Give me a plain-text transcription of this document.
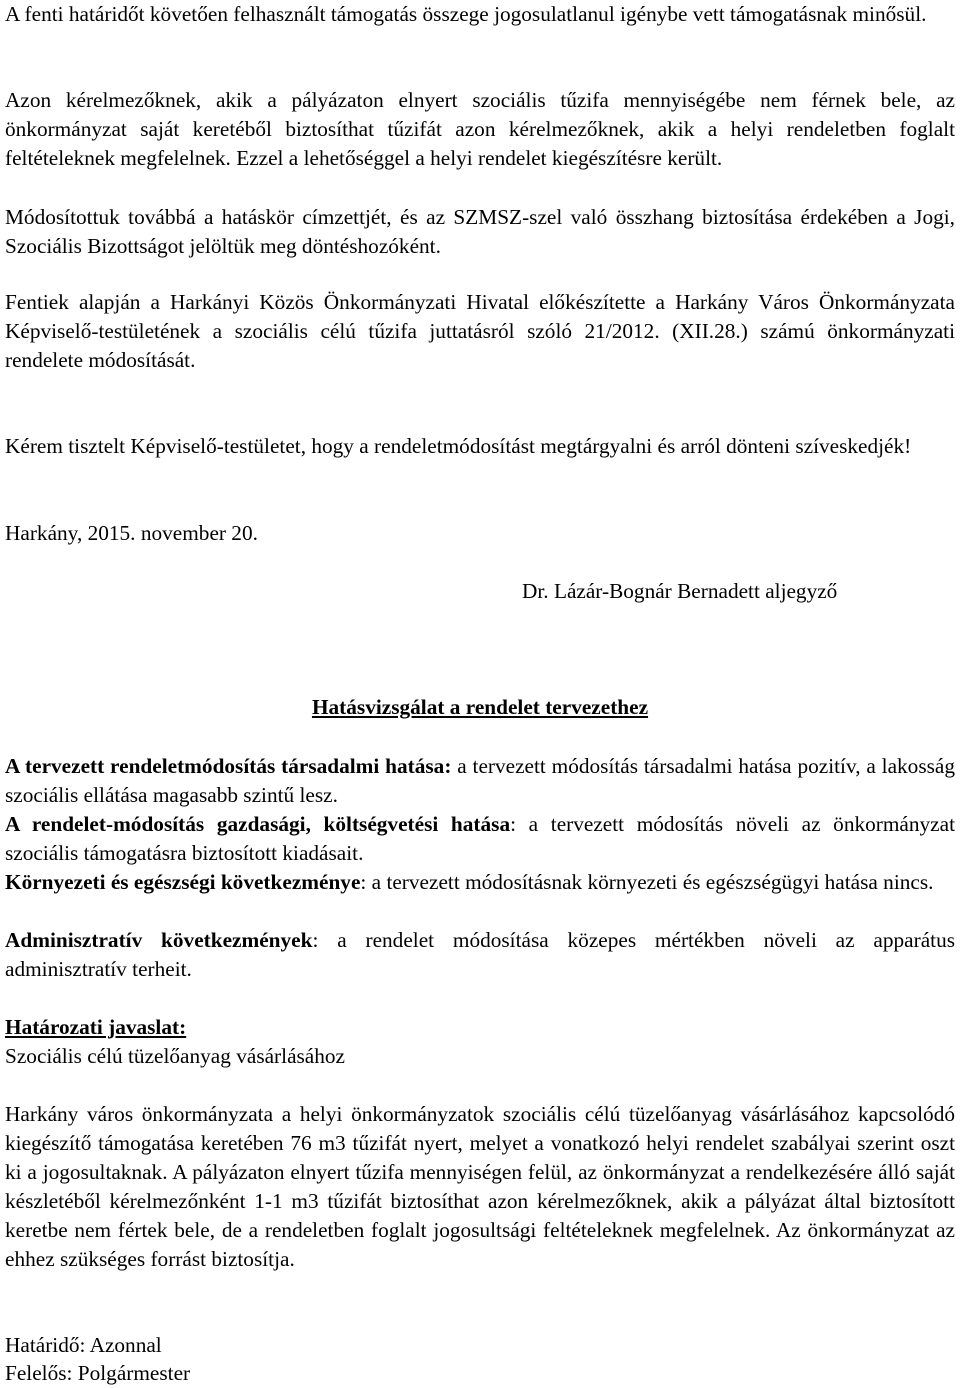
A fenti határidőt követően felhasznált támogatás összege jogosulatlanul igénybe vett támogatásnak minősül.

Azon kérelmezőknek, akik a pályázaton elnyert szociális tűzifa mennyiségébe nem férnek bele, az önkormányzat saját keretéből biztosíthat tűzifát azon kérelmezőknek, akik a helyi rendeletben foglalt feltételeknek megfelelnek. Ezzel a lehetőséggel a helyi rendelet kiegészítésre került.

Módosítottuk továbbá a hatáskör címzettjét, és az SZMSZ-szel való összhang biztosítása érdekében a Jogi, Szociális Bizottságot jelöltük meg döntéshozóként.

Fentiek alapján a Harkányi Közös Önkormányzati Hivatal előkészítette a Harkány Város Önkormányzata Képviselő-testületének a szociális célú tűzifa juttatásról szóló 21/2012. (XII.28.) számú önkormányzati rendelete módosítását.

Kérem tisztelt Képviselő-testületet, hogy a rendeletmódosítást megtárgyalni és arról dönteni szíveskedjék!

Harkány, 2015. november 20.

Dr. Lázár-Bognár Bernadett aljegyző

Hatásvizsgálat a rendelet tervezethez

A tervezett rendeletmódosítás társadalmi hatása: a tervezett módosítás társadalmi hatása pozitív, a lakosság szociális ellátása magasabb szintű lesz.

A rendelet-módosítás gazdasági, költségvetési hatása: a tervezett módosítás növeli az önkormányzat szociális támogatásra biztosított kiadásait.

Környezeti és egészségi következménye: a tervezett módosításnak környezeti és egészségügyi hatása nincs.

Adminisztratív következmények: a rendelet módosítása közepes mértékben növeli az apparátus adminisztratív terheit.

Határozati javaslat:

Szociális célú tüzelőanyag vásárlásához

Harkány város önkormányzata a helyi önkormányzatok szociális célú tüzelőanyag vásárlásához kapcsolódó kiegészítő támogatása keretében 76 m3 tűzifát nyert, melyet a vonatkozó helyi rendelet szabályai szerint oszt ki a jogosultaknak. A pályázaton elnyert tűzifa mennyiségen felül, az önkormányzat a rendelkezésére álló saját készletéből kérelmezőnként 1-1 m3 tűzifát biztosíthat azon kérelmezőknek, akik a pályázat által biztosított keretbe nem fértek bele, de a rendeletben foglalt jogosultsági feltételeknek megfelelnek. Az önkormányzat az ehhez szükséges forrást biztosítja.

Határidő: Azonnal

Felelős: Polgármester
